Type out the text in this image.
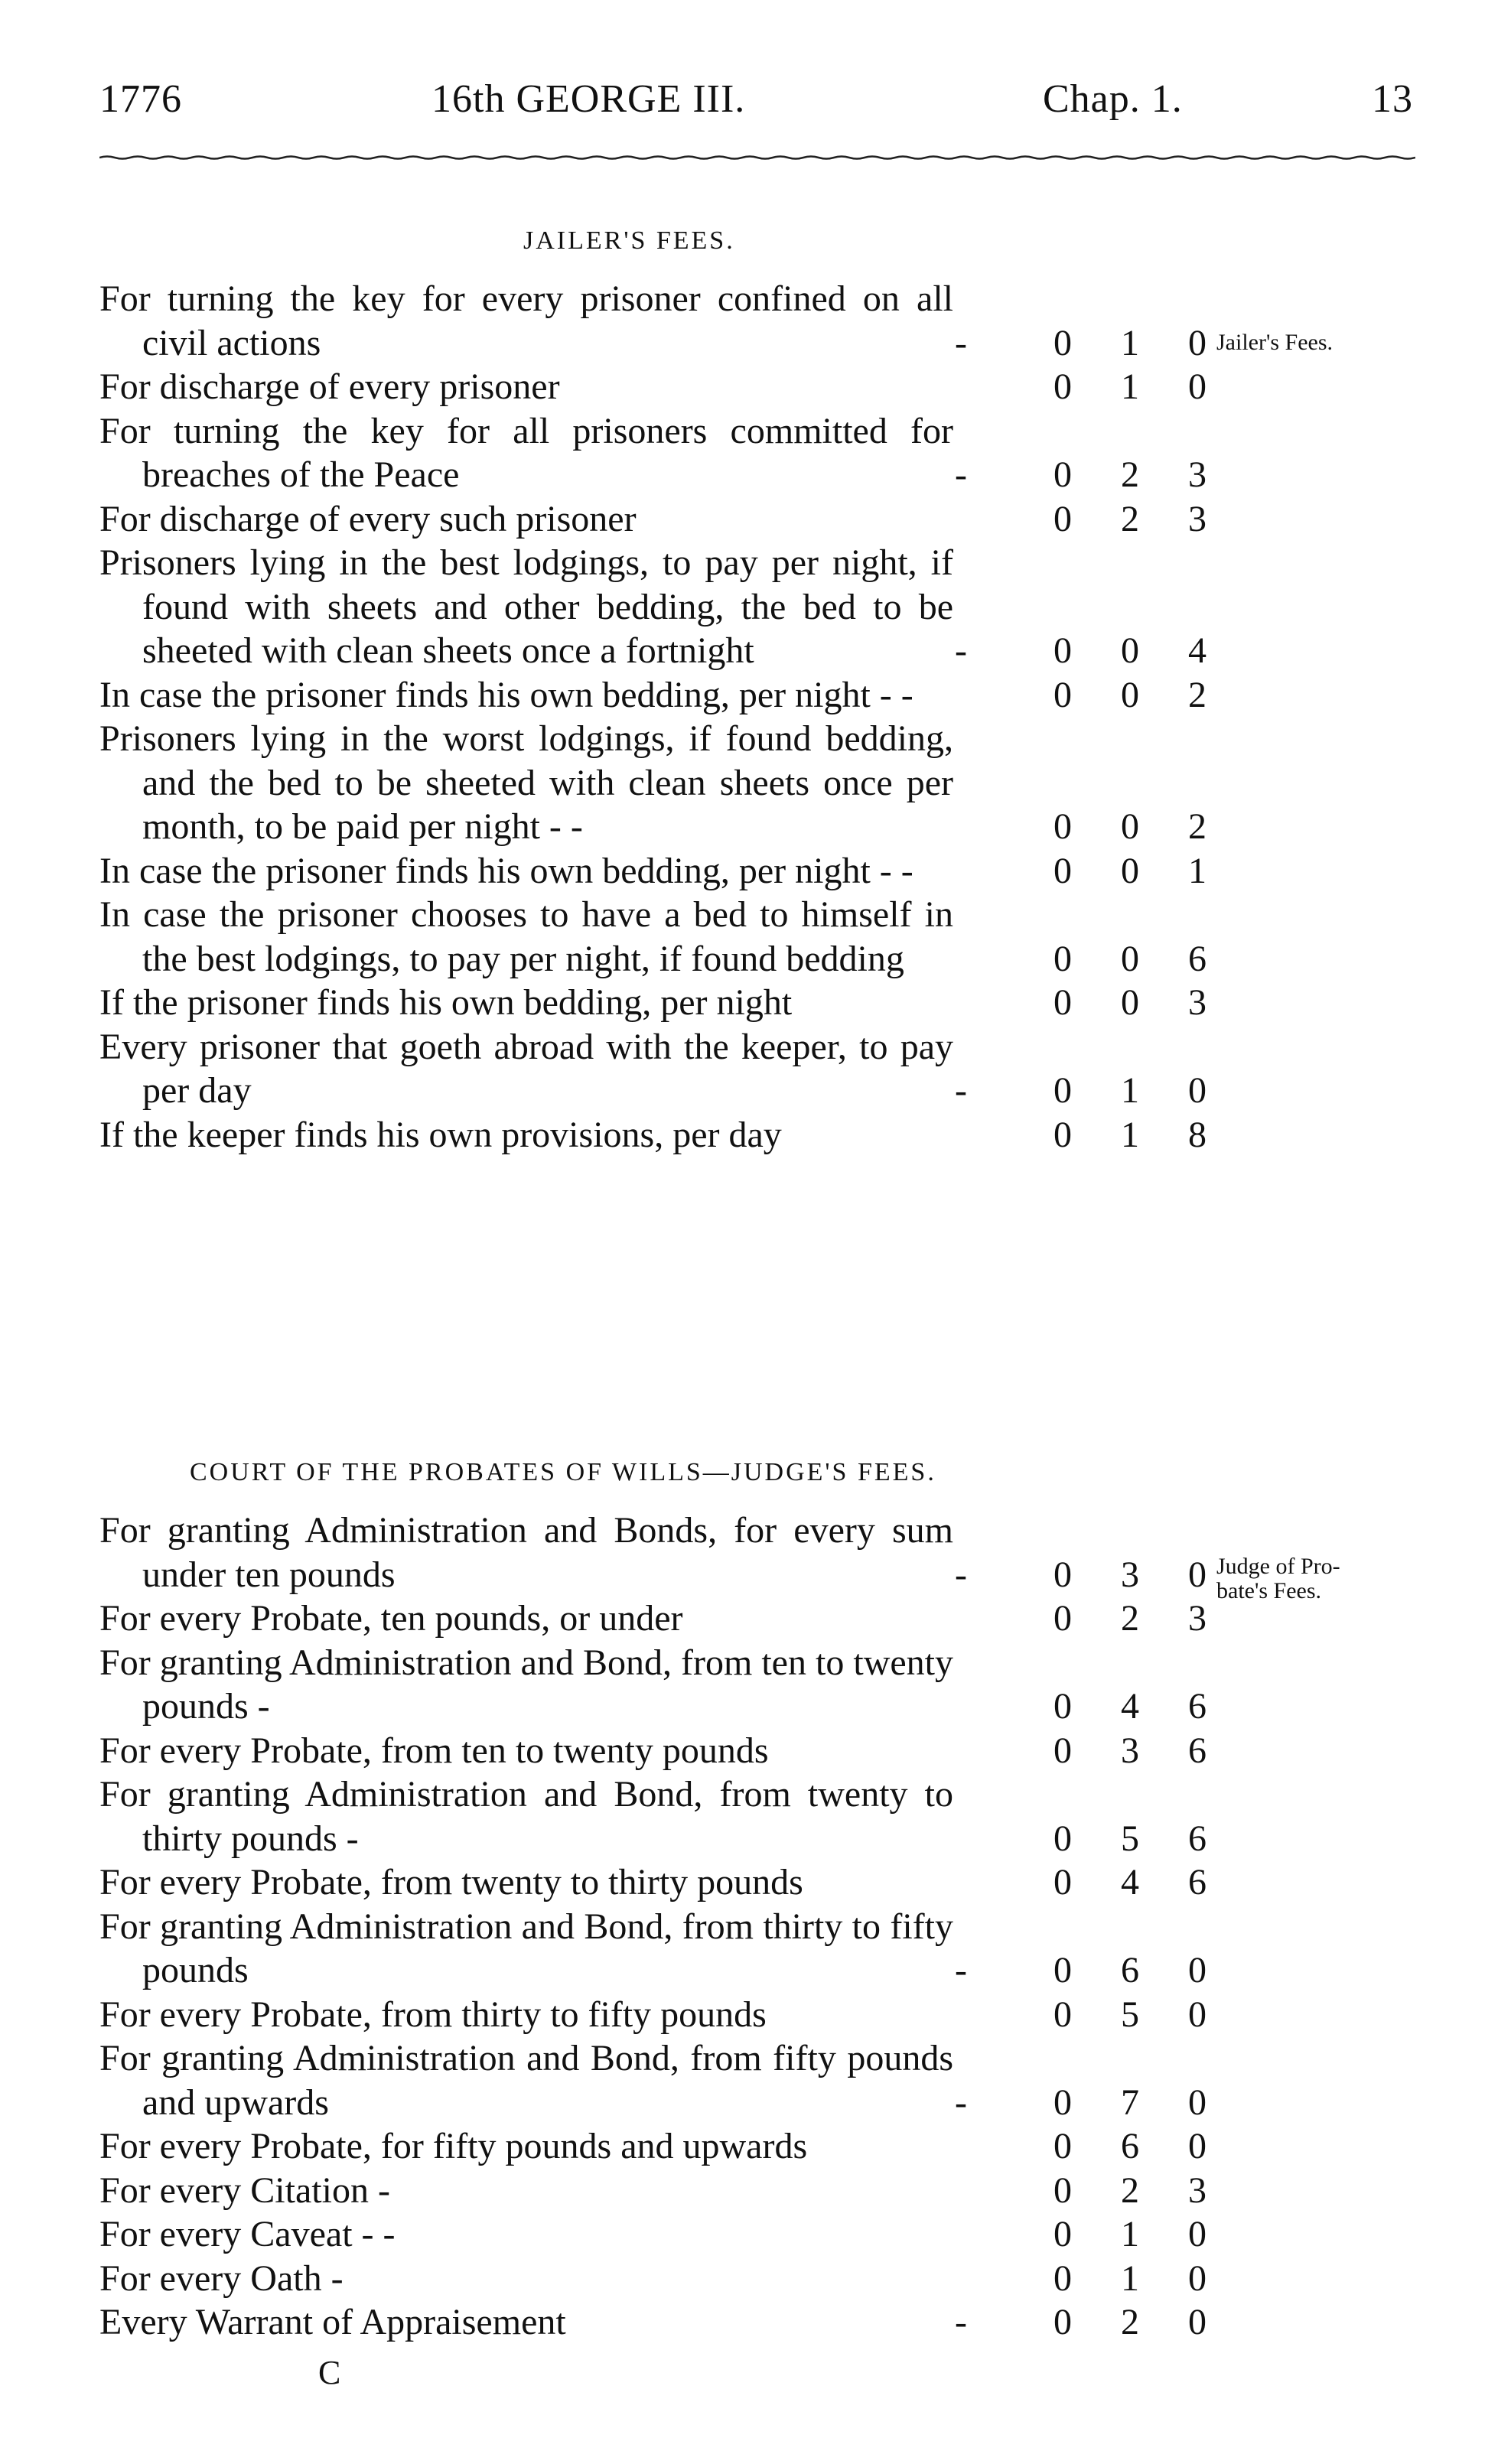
1776	16th GEORGE III.	Chap. 1.	13
JAILER'S FEES.
For turning the key for every prisoner confined on all civil actions	-	0 1 0
For discharge of every prisoner	0 1 0
For turning the key for all prisoners committed for breaches of the Peace	-	0 2 3
For discharge of every such prisoner	0 2 3
Prisoners lying in the best lodgings, to pay per night, if found with sheets and other bedding, the bed to be sheeted with clean sheets once a fortnight	-	0 0 4
In case the prisoner finds his own bedding, per night - -	0 0 2
Prisoners lying in the worst lodgings, if found bedding, and the bed to be sheeted with clean sheets once per month, to be paid per night - -	0 0 2
In case the prisoner finds his own bedding, per night - -	0 0 1
In case the prisoner chooses to have a bed to himself in the best lodgings, to pay per night, if found bedding	0 0 6
If the prisoner finds his own bedding, per night	0 0 3
Every prisoner that goeth abroad with the keeper, to pay per day	-	0 1 0
If the keeper finds his own provisions, per day	0 1 8
Jailer's Fees.
COURT OF THE PROBATES OF WILLS—JUDGE'S FEES.
For granting Administration and Bonds, for every sum under ten pounds	-	0 3 0
For every Probate, ten pounds, or under	0 2 3
For granting Administration and Bond, from ten to twenty pounds -	0 4 6
For every Probate, from ten to twenty pounds	0 3 6
For granting Administration and Bond, from twenty to thirty pounds -	0 5 6
For every Probate, from twenty to thirty pounds	0 4 6
For granting Administration and Bond, from thirty to fifty pounds	-	0 6 0
For every Probate, from thirty to fifty pounds	0 5 0
For granting Administration and Bond, from fifty pounds and upwards	-	0 7 0
For every Probate, for fifty pounds and upwards	0 6 0
For every Citation -	0 2 3
For every Caveat - -	0 1 0
For every Oath -	0 1 0
Every Warrant of Appraisement	-	0 2 0
Judge of Pro-
bate's Fees.
C
